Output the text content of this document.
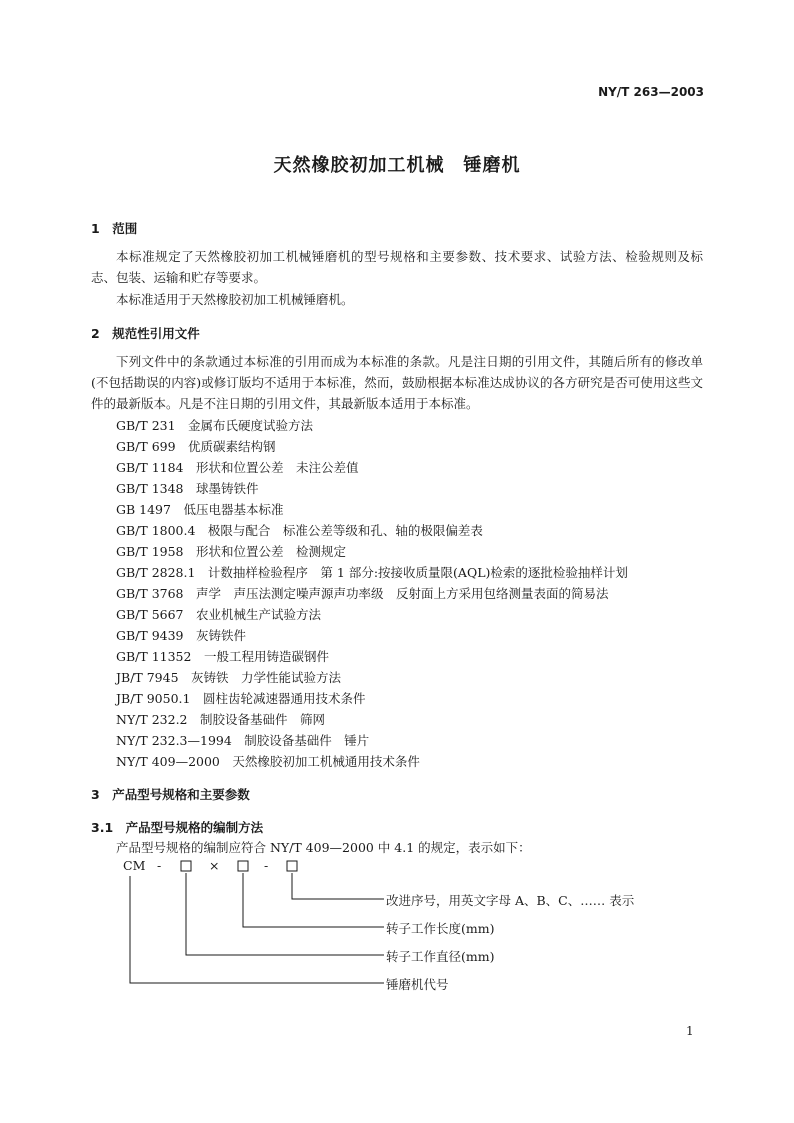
NY/T 263—2003
天然橡胶初加工机械　锤磨机
1　范围
本标准规定了天然橡胶初加工机械锤磨机的型号规格和主要参数、技术要求、试验方法、检验规则及标志、包装、运输和贮存等要求。
本标准适用于天然橡胶初加工机械锤磨机。
2　规范性引用文件
下列文件中的条款通过本标准的引用而成为本标准的条款。凡是注日期的引用文件，其随后所有的修改单(不包括勘误的内容)或修订版均不适用于本标准，然而，鼓励根据本标准达成协议的各方研究是否可使用这些文件的最新版本。凡是不注日期的引用文件，其最新版本适用于本标准。
GB/T 231　金属布氏硬度试验方法
GB/T 699　优质碳素结构钢
GB/T 1184　形状和位置公差　未注公差值
GB/T 1348　球墨铸铁件
GB 1497　低压电器基本标准
GB/T 1800.4　极限与配合　标准公差等级和孔、轴的极限偏差表
GB/T 1958　形状和位置公差　检测规定
GB/T 2828.1　计数抽样检验程序　第 1 部分:按接收质量限(AQL)检索的逐批检验抽样计划
GB/T 3768　声学　声压法测定噪声源声功率级　反射面上方采用包络测量表面的简易法
GB/T 5667　农业机械生产试验方法
GB/T 9439　灰铸铁件
GB/T 11352　一般工程用铸造碳钢件
JB/T 7945　灰铸铁　力学性能试验方法
JB/T 9050.1　圆柱齿轮减速器通用技术条件
NY/T 232.2　制胶设备基础件　筛网
NY/T 232.3—1994　制胶设备基础件　锤片
NY/T 409—2000　天然橡胶初加工机械通用技术条件
3　产品型号规格和主要参数
3.1　产品型号规格的编制方法
产品型号规格的编制应符合 NY/T 409—2000 中 4.1 的规定，表示如下：
CM -	×	-
改进序号，用英文字母 A、B、C、…… 表示
转子工作长度(mm)
转子工作直径(mm)
锤磨机代号
1
